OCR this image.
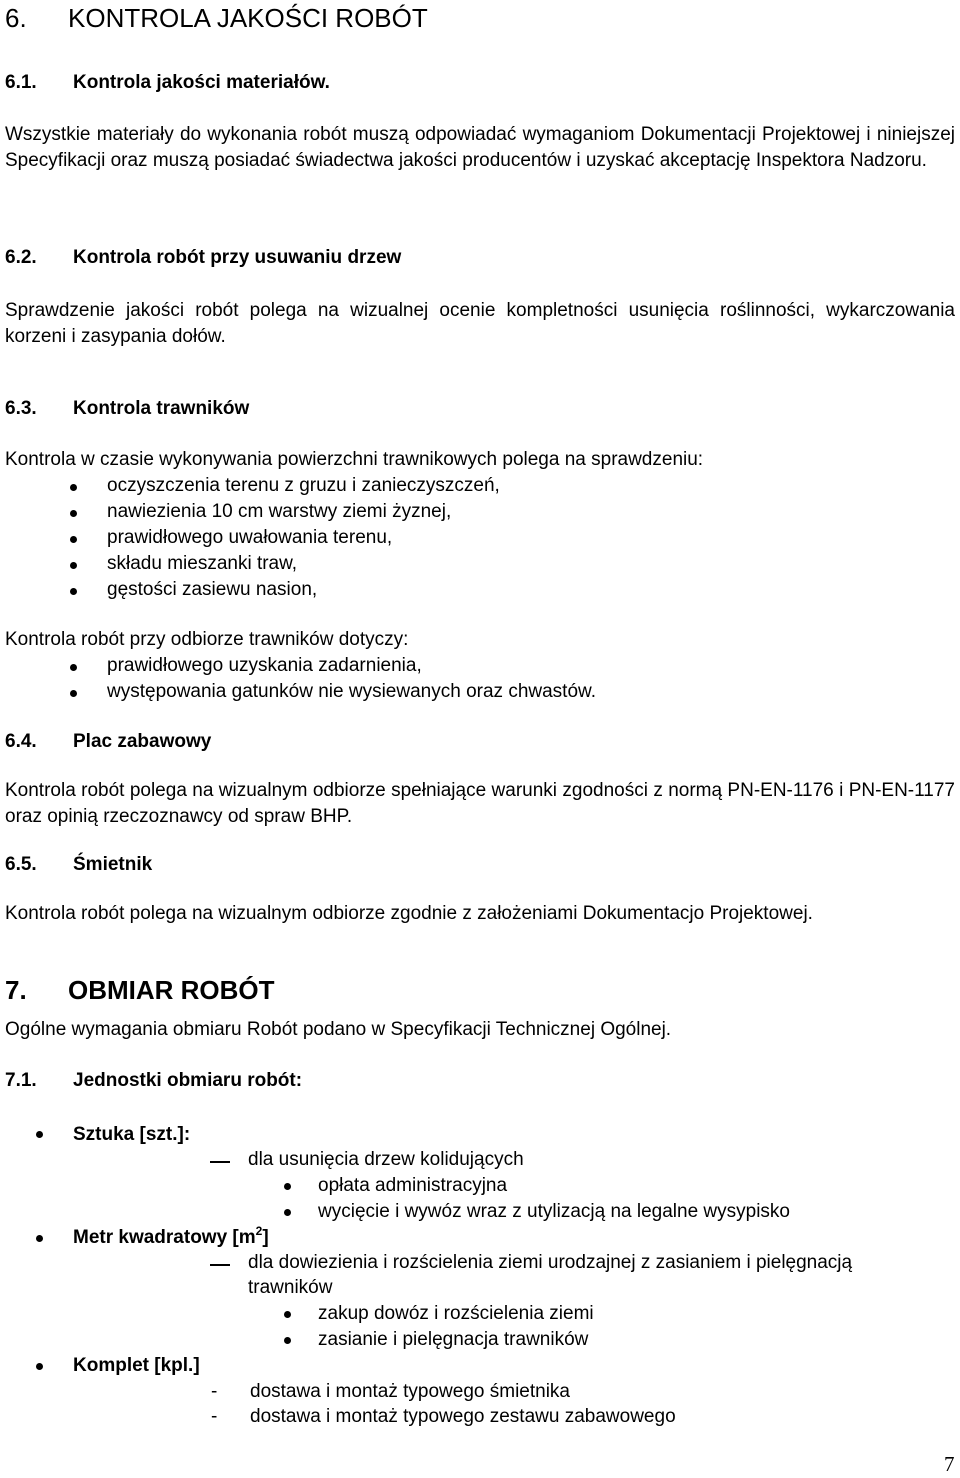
6. KONTROLA JAKOŚCI ROBÓT
6.1. Kontrola jakości materiałów.
Wszystkie materiały do wykonania robót muszą odpowiadać wymaganiom Dokumentacji Projektowej i niniejszej Specyfikacji oraz muszą posiadać świadectwa jakości producentów i uzyskać akceptację Inspektora Nadzoru.
6.2. Kontrola robót przy usuwaniu drzew
Sprawdzenie jakości robót polega na wizualnej ocenie kompletności usunięcia roślinności, wykarczowania korzeni i zasypania dołów.
6.3. Kontrola trawników
Kontrola w czasie wykonywania powierzchni trawnikowych polega na sprawdzeniu:
oczyszczenia terenu z gruzu i zanieczyszczeń,
nawiezienia 10 cm warstwy ziemi żyznej,
prawidłowego uwałowania terenu,
składu mieszanki traw,
gęstości zasiewu nasion,
Kontrola robót przy odbiorze trawników dotyczy:
prawidłowego uzyskania zadarnienia,
występowania gatunków nie wysiewanych oraz chwastów.
6.4. Plac zabawowy
Kontrola robót polega na wizualnym odbiorze spełniające warunki zgodności z normą PN-EN-1176 i PN-EN-1177 oraz opinią rzeczoznawcy od spraw BHP.
6.5. Śmietnik
Kontrola robót polega na wizualnym odbiorze zgodnie z założeniami Dokumentacjo Projektowej.
7. OBMIAR ROBÓT
Ogólne wymagania obmiaru Robót podano w Specyfikacji Technicznej Ogólnej.
7.1. Jednostki obmiaru robót:
Sztuka [szt.]:
dla usunięcia drzew kolidujących
opłata administracyjna
wycięcie i wywóz wraz z utylizacją na legalne wysypisko
Metr kwadratowy $[m^2]$
dla dowiezienia i rozścielenia ziemi urodzajnej z zasianiem i pielęgnacją
trawników
zakup dowóz i rozścielenia ziemi
zasianie i pielęgnacja trawników
Komplet [kpl.]
- dostawa i montaż typowego śmietnika
- dostawa i montaż typowego zestawu zabawowego
7
